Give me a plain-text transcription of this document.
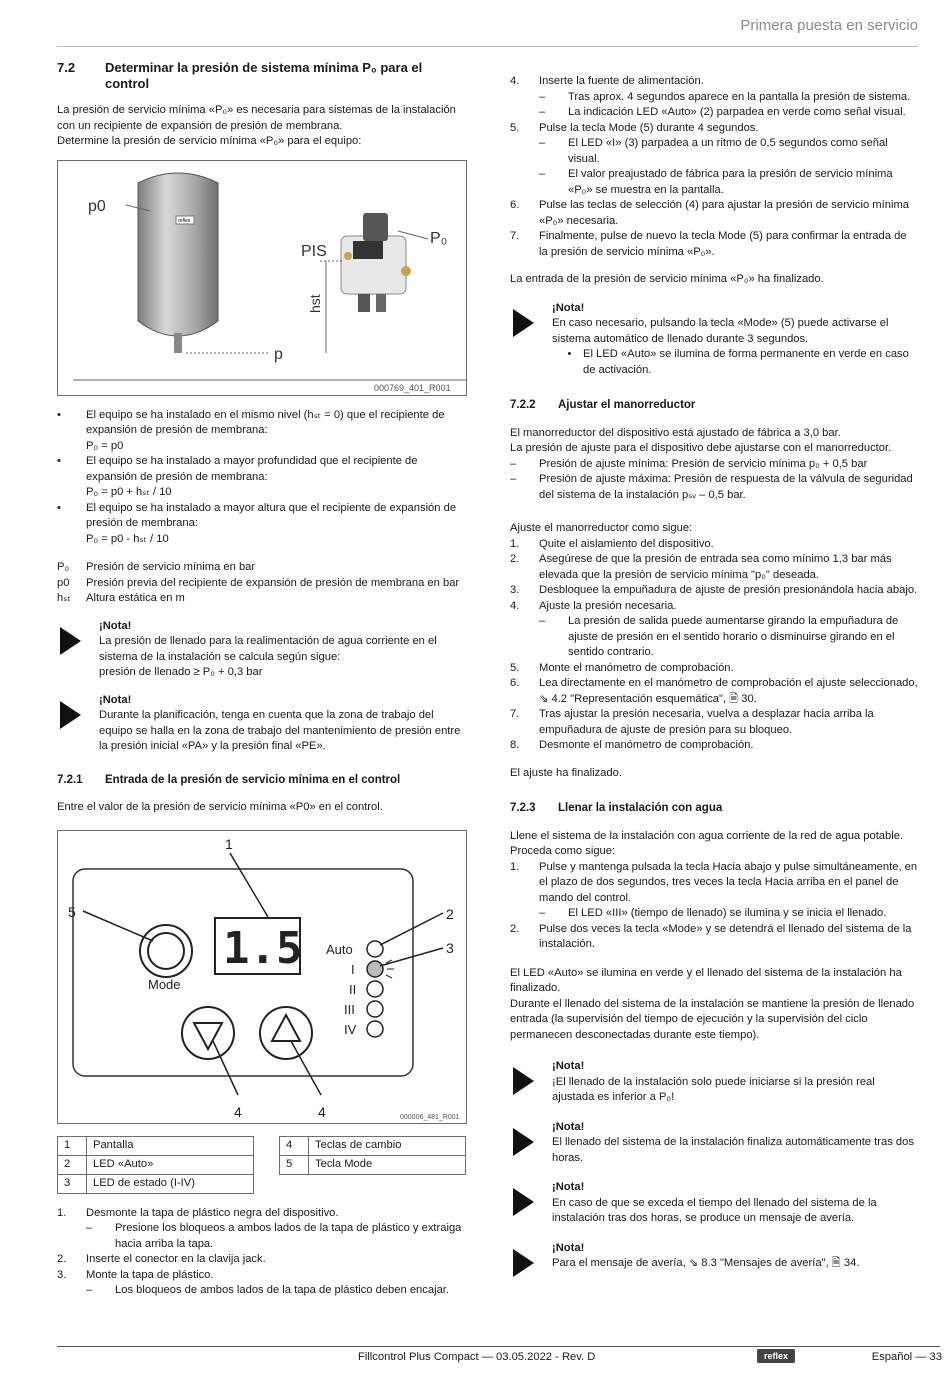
Primera puesta en servicio
7.2	Determinar la presión de sistema mínima P₀ para el control

La presión de servicio mínima «P₀» es necesaria para sistemas de la instalación con un recipiente de expansión de presión de membrana.

Determine la presión de servicio mínima «P₀» para el equipo:

reflex
p0
p
PIS
P₀
hst
000769_401_R001
•	El equipo se ha instalado en el mismo nivel (hₛₜ = 0) que el recipiente de expansión de presión de membrana:
P₀ = p0
•	El equipo se ha instalado a mayor profundidad que el recipiente de expansión de presión de membrana:
P₀ = p0 + hₛₜ / 10
•	El equipo se ha instalado a mayor altura que el recipiente de expansión de presión de membrana:
P₀ = p0 - hₛₜ / 10
P₀	Presión de servicio mínima en bar
p0	Presión previa del recipiente de expansión de presión de membrana en bar
hₛₜ	Altura estática en m
¡Nota!
La presión de llenado para la realimentación de agua corriente en el sistema de la instalación se calcula según sigue:
presión de llenado ≥ P₀ + 0,3 bar
¡Nota!
Durante la planificación, tenga en cuenta que la zona de trabajo del equipo se halla en la zona de trabajo del mantenimiento de presión entre la presión inicial «PA» y la presión final «PE».
7.2.1	Entrada de la presión de servicio mínima en el control

Entre el valor de la presión de servicio mínima «P0» en el control.

Mode
1.5 Auto
I
II
III
IV
1
5	2
3
4	4	000006_481_R001
1	Pantalla
2	LED «Auto»
3	LED de estado (I-IV)
4	Teclas de cambio
5	Tecla Mode
1.	Desmonte la tapa de plástico negra del dispositivo.
–	Presione los bloqueos a ambos lados de la tapa de plástico y extraiga hacia arriba la tapa.
2.	Inserte el conector en la clavija jack.
3.	Monte la tapa de plástico.
–	Los bloqueos de ambos lados de la tapa de plástico deben encajar.
4.	Inserte la fuente de alimentación.
–	Tras aprox. 4 segundos aparece en la pantalla la presión de sistema.
–	La indicación LED «Auto» (2) parpadea en verde como señal visual.
5.	Pulse la tecla Mode (5) durante 4 segundos.
–	El LED «I» (3) parpadea a un ritmo de 0,5 segundos como señal visual.
–	El valor preajustado de fábrica para la presión de servicio mínima «P₀» se muestra en la pantalla.
6.	Pulse las teclas de selección (4) para ajustar la presión de servicio mínima «P₀» necesaria.
7.	Finalmente, pulse de nuevo la tecla Mode (5) para confirmar la entrada de la presión de servicio mínima «P₀».

La entrada de la presión de servicio mínima «P₀» ha finalizado.

¡Nota!
En caso necesario, pulsando la tecla «Mode» (5) puede activarse el sistema automático de llenado durante 3 segundos.
•	El LED «Auto» se ilumina de forma permanente en verde en caso de activación.
7.2.2	Ajustar el manorreductor

El manorreductor del dispositivo está ajustado de fábrica a 3,0 bar.

La presión de ajuste para el dispositivo debe ajustarse con el manorreductor.

–	Presión de ajuste mínima: Presión de servicio mínima p₀ + 0,5 bar
–	Presión de ajuste máxima: Presión de respuesta de la válvula de seguridad del sistema de la instalación pₛᵥ – 0,5 bar.

Ajuste el manorreductor como sigue:

1.	Quite el aislamiento del dispositivo.
2.	Asegúrese de que la presión de entrada sea como mínimo 1,3 bar más elevada que la presión de servicio mínima "p₀" deseada.
3.	Desbloquee la empuñadura de ajuste de presión presionándola hacia abajo.
4.	Ajuste la presión necesaria.
–	La presión de salida puede aumentarse girando la empuñadura de ajuste de presión en el sentido horario o disminuirse girando en el sentido contrario.
5.	Monte el manómetro de comprobación.
6.	Lea directamente en el manómetro de comprobación el ajuste seleccionado, ⇘ 4.2 "Representación esquemática", 🗎 30.
7.	Tras ajustar la presión necesaria, vuelva a desplazar hacia arriba la empuñadura de ajuste de presión para su bloqueo.
8.	Desmonte el manómetro de comprobación.

El ajuste ha finalizado.

7.2.3	Llenar la instalación con agua

Llene el sistema de la instalación con agua corriente de la red de agua potable.

Proceda como sigue:

1.	Pulse y mantenga pulsada la tecla Hacia abajo y pulse simultáneamente, en el plazo de dos segundos, tres veces la tecla Hacia arriba en el panel de mando del control.
–	El LED «III» (tiempo de llenado) se ilumina y se inicia el llenado.
2.	Pulse dos veces la tecla «Mode» y se detendrá el llenado del sistema de la instalación.

El LED «Auto» se ilumina en verde y el llenado del sistema de la instalación ha finalizado.

Durante el llenado del sistema de la instalación se mantiene la presión de llenado entrada (la supervisión del tiempo de ejecución y la supervisión del ciclo permanecen desconectadas durante este tiempo).

¡Nota!
¡El llenado de la instalación solo puede iniciarse si la presión real ajustada es inferior a P₀!
¡Nota!
El llenado del sistema de la instalación finaliza automáticamente tras dos horas.
¡Nota!
En caso de que se exceda el tiempo del llenado del sistema de la instalación tras dos horas, se produce un mensaje de avería.
¡Nota!
Para el mensaje de avería, ⇘ 8.3 "Mensajes de avería", 🗎 34.
Fillcontrol Plus Compact — 03.05.2022 - Rev. D	reflex	Español — 33
